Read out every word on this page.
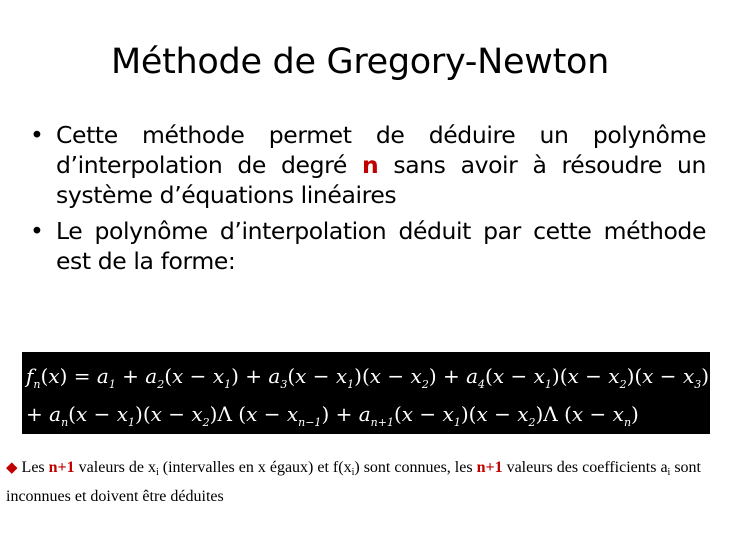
Méthode de Gregory-Newton
• Cette méthode permet de déduire un polynôme d’interpolation de degré n sans avoir à résoudre un système d’équations linéaires
• Le polynôme d’interpolation déduit par cette méthode est de la forme:
$f_n(x) = a_1 + a_2(x - x_1) + a_3(x - x_1)(x - x_2) + a_4(x - x_1)(x - x_2)(x - x_3) + \Lambda$
+ $a_n(x - x_1)(x - x_2)\Lambda$ $(x - x_{n-1}) + a_{n+1}(x - x_1)(x - x_2)\Lambda$ $(x - x_n)$
◆ Les n+1 valeurs de $x_i$ (intervalles en x égaux) et $f(x_i)$ sont connues, les n+1 valeurs des coefficients $a_i$ sont inconnues et doivent être déduites
